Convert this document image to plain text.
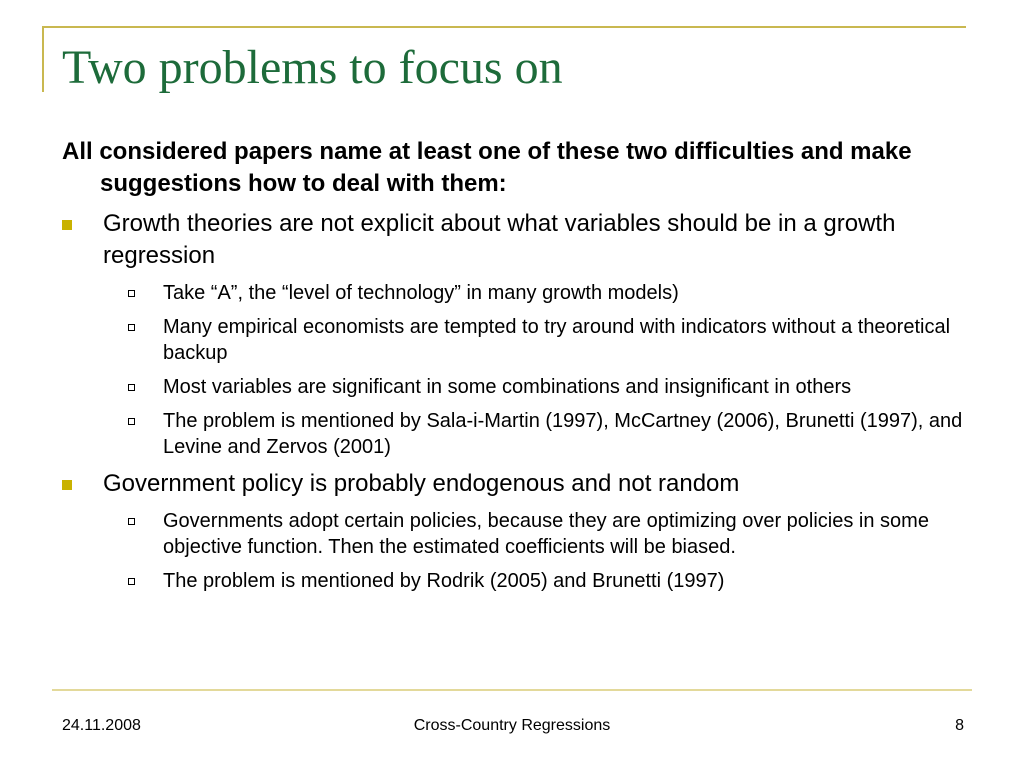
Two problems to focus on

All considered papers name at least one of these two difficulties and make suggestions how to deal with them:

Growth theories are not explicit about what variables should be in a growth regression
Take “A”, the “level of technology” in many growth models)
Many empirical economists are tempted to try around with indicators without a theoretical backup
Most variables are significant in some combinations and insignificant in others
The problem is mentioned by Sala-i-Martin (1997), McCartney (2006), Brunetti (1997), and Levine and Zervos (2001)
Government policy is probably endogenous and not random
Governments adopt certain policies, because they are optimizing over policies in some objective function. Then the estimated coefficients will be biased.
The problem is mentioned by Rodrik (2005) and Brunetti (1997)
24.11.2008	Cross-Country Regressions	8
